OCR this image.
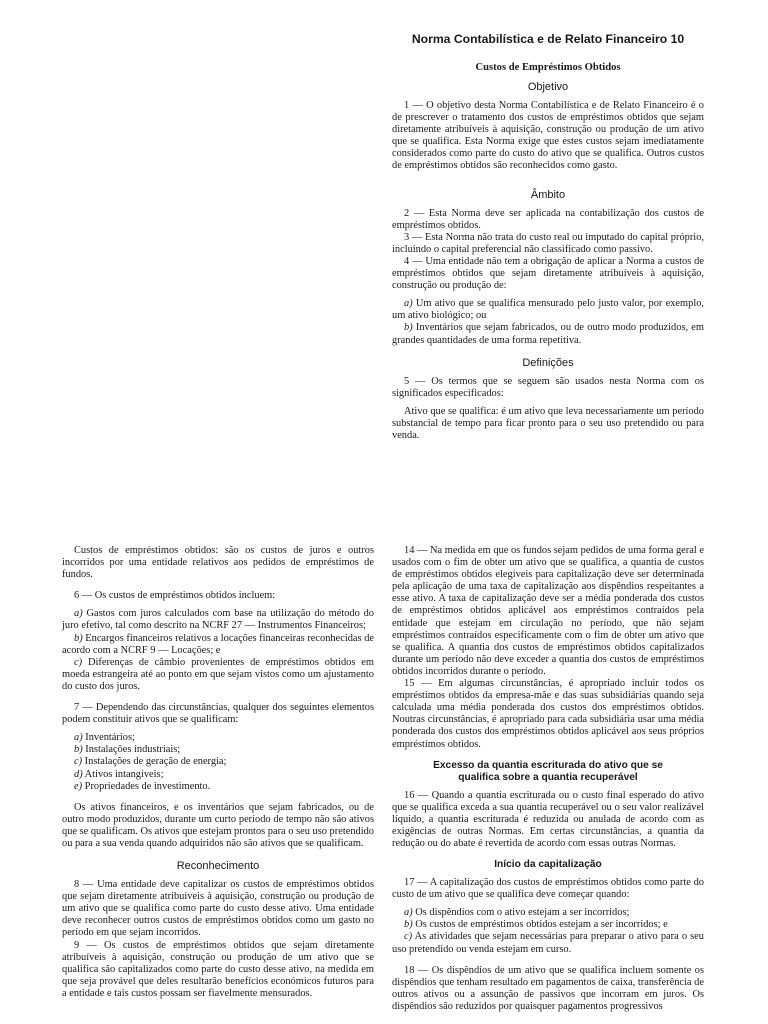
Norma Contabilística e de Relato Financeiro 10
Custos de Empréstimos Obtidos
Objetivo

1 — O objetivo desta Norma Contabilística e de Relato Financeiro é o de prescrever o tratamento dos custos de empréstimos obtidos que sejam diretamente atribuíveis à aquisição, construção ou produção de um ativo que se qualifica. Esta Norma exige que estes custos sejam imediatamente considerados como parte do custo do ativo que se qualifica. Outros custos de empréstimos obtidos são reconhecidos como gasto.

Âmbito

2 — Esta Norma deve ser aplicada na contabilização dos custos de empréstimos obtidos.

3 — Esta Norma não trata do custo real ou imputado do capital próprio, incluindo o capital preferencial não classificado como passivo.

4 — Uma entidade não tem a obrigação de aplicar a Norma a custos de empréstimos obtidos que sejam diretamente atribuíveis à aquisição, construção ou produção de:

a) Um ativo que se qualifica mensurado pelo justo valor, por exemplo, um ativo biológico; ou

b) Inventários que sejam fabricados, ou de outro modo produzidos, em grandes quantidades de uma forma repetitiva.

Definições

5 — Os termos que se seguem são usados nesta Norma com os significados especificados:

Ativo que se qualifica: é um ativo que leva necessariamente um período substancial de tempo para ficar pronto para o seu uso pretendido ou para venda.

Custos de empréstimos obtidos: são os custos de juros e outros incorridos por uma entidade relativos aos pedidos de empréstimos de fundos.

6 — Os custos de empréstimos obtidos incluem:

a) Gastos com juros calculados com base na utilização do método do juro efetivo, tal como descrito na NCRF 27 — Instrumentos Financeiros;

b) Encargos financeiros relativos a locações financeiras reconhecidas de acordo com a NCRF 9 — Locações; e

c) Diferenças de câmbio provenientes de empréstimos obtidos em moeda estrangeira até ao ponto em que sejam vistos como um ajustamento do custo dos juros.

7 — Dependendo das circunstâncias, qualquer dos seguintes elementos podem constituir ativos que se qualificam:

a) Inventários;

b) Instalações industriais;

c) Instalações de geração de energia;

d) Ativos intangíveis;

e) Propriedades de investimento.

Os ativos financeiros, e os inventários que sejam fabricados, ou de outro modo produzidos, durante um curto período de tempo não são ativos que se qualificam. Os ativos que estejam prontos para o seu uso pretendido ou para a sua venda quando adquiridos não são ativos que se qualificam.

Reconhecimento

8 — Uma entidade deve capitalizar os custos de empréstimos obtidos que sejam diretamente atribuíveis à aquisição, construção ou produção de um ativo que se qualifica como parte do custo desse ativo. Uma entidade deve reconhecer outros custos de empréstimos obtidos como um gasto no período em que sejam incorridos.

9 — Os custos de empréstimos obtidos que sejam diretamente atribuíveis à aquisição, construção ou produção de um ativo que se qualifica são capitalizados como parte do custo desse ativo, na medida em que seja provável que deles resultarão benefícios económicos futuros para a entidade e tais custos possam ser fiavelmente mensurados.

14 — Na medida em que os fundos sejam pedidos de uma forma geral e usados com o fim de obter um ativo que se qualifica, a quantia de custos de empréstimos obtidos elegíveis para capitalização deve ser determinada pela aplicação de uma taxa de capitalização aos dispêndios respeitantes a esse ativo. A taxa de capitalização deve ser a média ponderada dos custos de empréstimos obtidos aplicável aos empréstimos contraídos pela entidade que estejam em circulação no período, que não sejam empréstimos contraídos especificamente com o fim de obter um ativo que se qualifica. A quantia dos custos de empréstimos obtidos capitalizados durante um período não deve exceder a quantia dos custos de empréstimos obtidos incorridos durante o período.

15 — Em algumas circunstâncias, é apropriado incluir todos os empréstimos obtidos da empresa-mãe e das suas subsidiárias quando seja calculada uma média ponderada dos custos dos empréstimos obtidos. Noutras circunstâncias, é apropriado para cada subsidiária usar uma média ponderada dos custos dos empréstimos obtidos aplicável aos seus próprios empréstimos obtidos.

Excesso da quantia escriturada do ativo que se qualifica sobre a quantia recuperável

16 — Quando a quantia escriturada ou o custo final esperado do ativo que se qualifica exceda a sua quantia recuperável ou o seu valor realizável líquido, a quantia escriturada é reduzida ou anulada de acordo com as exigências de outras Normas. Em certas circunstâncias, a quantia da redução ou do abate é revertida de acordo com essas outras Normas.

Início da capitalização

17 — A capitalização dos custos de empréstimos obtidos como parte do custo de um ativo que se qualifica deve começar quando:

a) Os dispêndios com o ativo estejam a ser incorridos;

b) Os custos de empréstimos obtidos estejam a ser incorridos; e

c) As atividades que sejam necessárias para preparar o ativo para o seu uso pretendido ou venda estejam em curso.

18 — Os dispêndios de um ativo que se qualifica incluem somente os dispêndios que tenham resultado em pagamentos de caixa, transferência de outros ativos ou a assunção de passivos que incorram em juros. Os dispêndios são reduzidos por quaisquer pagamentos progressivos
